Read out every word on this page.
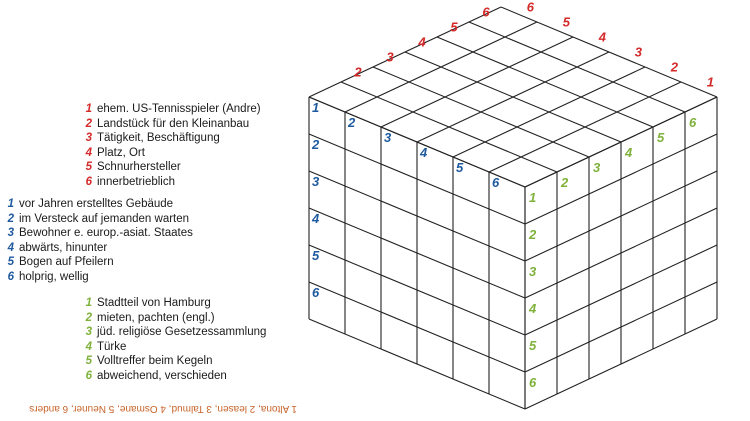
1 ehem. US-Tennisspieler (Andre)
2 Landstück für den Kleinanbau
3 Tätigkeit, Beschäftigung
4 Platz, Ort
5 Schnurhersteller
6 innerbetrieblich
1 vor Jahren erstelltes Gebäude
2 im Versteck auf jemanden warten
3 Bewohner e. europ.-asiat. Staates
4 abwärts, hinunter
5 Bogen auf Pfeilern
6 holprig, wellig
1 Stadtteil von Hamburg
2 mieten, pachten (engl.)
3 jüd. religiöse Gesetzessammlung
4 Türke
5 Volltreffer beim Kegeln
6 abweichend, verschieden
1 Altona, 2 leasen, 3 Talmud, 4 Osmane, 5 Neuner, 6 anders
6
5
4
3
2
1
2
3
4
5
6
1
2
3
4
5
6
2
3
4
5
6	2
3
4
5
6
1
2
3
4
5
6
